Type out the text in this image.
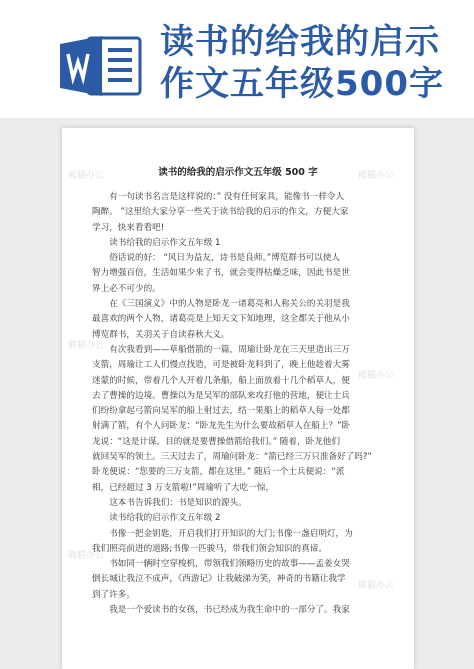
读书的给我的启示
作文五年级500字
读书的给我的启示作文五年级 500 字

有一句读书名言是这样说的：” 没有任何家具，能像书一样令人
陶醉。 ”这里给大家分享一些关于读书给我的启示的作文，方便大家
学习，快来看看吧!

读书给我的启示作文五年级 1

俗话说的好： “风日为益友，诗书是良师。”博览群书可以使人
智力增强百倍，生活如果少来了书，就会变得枯燥乏味，因此书是世
界上必不可少的。

在《三国演义》中的人物是卧龙一诸葛亮和人称关公的关羽是我
最喜欢的两个人物，诸葛亮是上知天文下知地理，这全都关于他从小
博览群书，关羽关于自读春秋大义。

有次我看到——草船借箭的一篇，周瑜让卧龙在三天里造出三万
支箭，周瑜让工人们慢点找造，可是被卧龙料到了，晚上他趁着大雾
迷蒙的时候，带着几个人开着几条船，船上面放着十几个稻草人，便
去了曹操的边境。曹操以为是吴军的部队来攻打他的营地，便让士兵
们纷纷拿起弓箭向吴军的船上射过去，结一果船上的稻草人每一处都
射满了箭，有个人问卧龙：“卧龙先生为什么要故稻草人在船上？”卧
龙说：“这是计谋，目的就是要曹操借箭给我们。” 随着，卧龙他们
就回吴军的领土。三天过去了，周瑜问卧龙：“箭已经三万只准备好了吗?”
卧龙便说：“您要的三万支箭，都在这里。” 随后一个士兵便说：“派
相，已经超过 3 万支箭啦!”周瑜听了大吃一惊，

这本书告诉我们：书是知识的源头。

读书给我的启示作文五年级 2

书像一把金钥匙，开启我们打开知识的大门;书像一盏启明灯，为
我们照亮前进的道路;书像一匹骏马，带我们领会知识的真谛。

书如同一辆时空穿梭机，带领我们领略历史的故事——孟姜女哭
倒长城让我泣不成声，《西游记》让我破涕为笑，神奇的书籍让我学
到了许多。

我是一个爱读书的女孩，书已经成为我生命中的一部分了。我家

熊猫办公
熊猫办公
熊猫办公
熊猫办公
熊猫办公
熊猫办公
